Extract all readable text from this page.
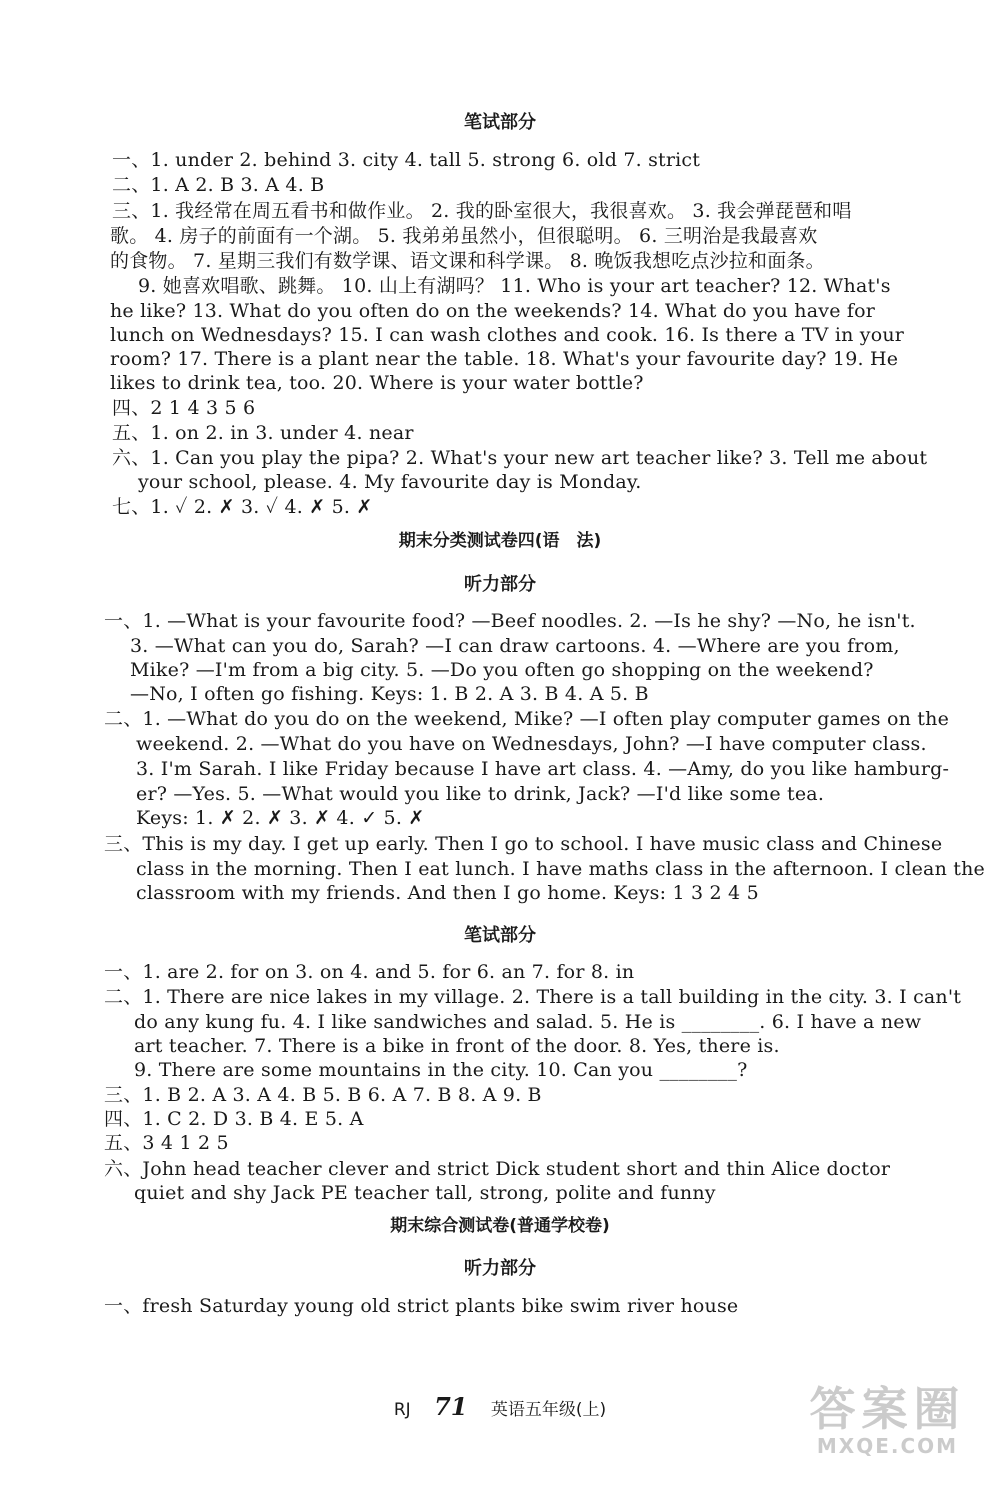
笔试部分
一、1. under 2. behind 3. city 4. tall 5. strong 6. old 7. strict
二、1. A 2. B 3. A 4. B
三、1. 我经常在周五看书和做作业。 2. 我的卧室很大，我很喜欢。 3. 我会弹琵琶和唱
歌。 4. 房子的前面有一个湖。 5. 我弟弟虽然小，但很聪明。 6. 三明治是我最喜欢
的食物。 7. 星期三我们有数学课、语文课和科学课。 8. 晚饭我想吃点沙拉和面条。
9. 她喜欢唱歌、跳舞。 10. 山上有湖吗？ 11. Who is your art teacher? 12. What's
he like? 13. What do you often do on the weekends? 14. What do you have for
lunch on Wednesdays? 15. I can wash clothes and cook. 16. Is there a TV in your
room? 17. There is a plant near the table. 18. What's your favourite day? 19. He
likes to drink tea, too. 20. Where is your water bottle?
四、2 1 4 3 5 6
五、1. on 2. in 3. under 4. near
六、1. Can you play the pipa? 2. What's your new art teacher like? 3. Tell me about
your school, please. 4. My favourite day is Monday.
七、1. ✓ 2. ✗ 3. ✓ 4. ✗ 5. ✗
期末分类测试卷四(语　法)
听力部分
一、1. —What is your favourite food? —Beef noodles. 2. —Is he shy? —No, he isn't.
3. —What can you do, Sarah? —I can draw cartoons. 4. —Where are you from,
Mike? —I'm from a big city. 5. —Do you often go shopping on the weekend?
—No, I often go fishing. Keys: 1. B 2. A 3. B 4. A 5. B
二、1. —What do you do on the weekend, Mike? —I often play computer games on the
weekend. 2. —What do you have on Wednesdays, John? —I have computer class.
3. I'm Sarah. I like Friday because I have art class. 4. —Amy, do you like hamburg-
er? —Yes. 5. —What would you like to drink, Jack? —I'd like some tea.
Keys: 1. ✗ 2. ✗ 3. ✗ 4. ✓ 5. ✗
三、This is my day. I get up early. Then I go to school. I have music class and Chinese
class in the morning. Then I eat lunch. I have maths class in the afternoon. I clean the
classroom with my friends. And then I go home. Keys: 1 3 2 4 5
笔试部分
一、1. are 2. for on 3. on 4. and 5. for 6. an 7. for 8. in
二、1. There are nice lakes in my village. 2. There is a tall building in the city. 3. I can't
do any kung fu. 4. I like sandwiches and salad. 5. He is ________. 6. I have a new
art teacher. 7. There is a bike in front of the door. 8. Yes, there is.
9. There are some mountains in the city. 10. Can you ________?
三、1. B 2. A 3. A 4. B 5. B 6. A 7. B 8. A 9. B
四、1. C 2. D 3. B 4. E 5. A
五、3 4 1 2 5
六、John head teacher clever and strict Dick student short and thin Alice doctor
quiet and shy Jack PE teacher tall, strong, polite and funny
期末综合测试卷(普通学校卷)
听力部分
一、fresh Saturday young old strict plants bike swim river house
RJ 71 英语五年级(上)	答案圈
MXQE.COM
